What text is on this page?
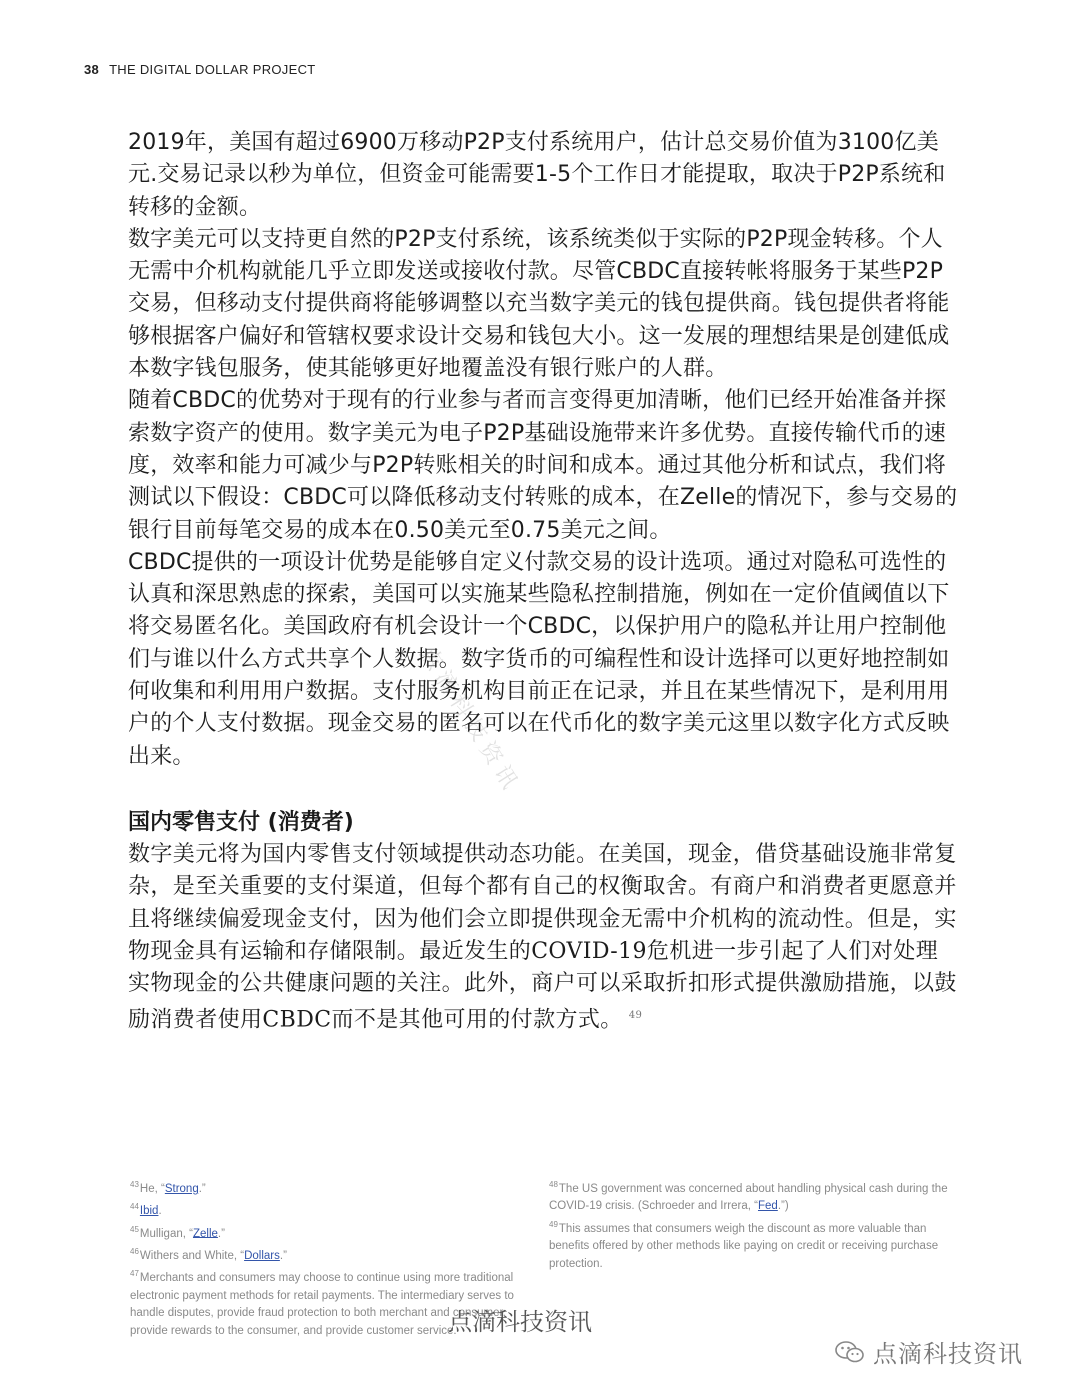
38 THE DIGITAL DOLLAR PROJECT
点滴科技资讯

2019年，美国有超过6900万移动P2P支付系统用户，估计总交易价值为3100亿美元.交易记录以秒为单位，但资金可能需要1-5个工作日才能提取，取决于P2P系统和转移的金额。

数字美元可以支持更自然的P2P支付系统，该系统类似于实际的P2P现金转移。个人无需中介机构就能几乎立即发送或接收付款。尽管CBDC直接转帐将服务于某些P2P交易，但移动支付提供商将能够调整以充当数字美元的钱包提供商。钱包提供者将能够根据客户偏好和管辖权要求设计交易和钱包大小。这一发展的理想结果是创建低成本数字钱包服务，使其能够更好地覆盖没有银行账户的人群。

随着CBDC的优势对于现有的行业参与者而言变得更加清晰，他们已经开始准备并探索数字资产的使用。数字美元为电子P2P基础设施带来许多优势。直接传输代币的速度，效率和能力可减少与P2P转账相关的时间和成本。通过其他分析和试点，我们将测试以下假设：CBDC可以降低移动支付转账的成本，在Zelle的情况下，参与交易的银行目前每笔交易的成本在0.50美元至0.75美元之间。

CBDC提供的一项设计优势是能够自定义付款交易的设计选项。通过对隐私可选性的认真和深思熟虑的探索，美国可以实施某些隐私控制措施，例如在一定价值阈值以下将交易匿名化。美国政府有机会设计一个CBDC，以保护用户的隐私并让用户控制他们与谁以什么方式共享个人数据。数字货币的可编程性和设计选择可以更好地控制如何收集和利用用户数据。支付服务机构目前正在记录，并且在某些情况下，是利用用户的个人支付数据。现金交易的匿名可以在代币化的数字美元这里以数字化方式反映出来。

国内零售支付 (消费者)

数字美元将为国内零售支付领域提供动态功能。在美国，现金，借贷基础设施非常复杂，是至关重要的支付渠道，但每个都有自己的权衡取舍。有商户和消费者更愿意并且将继续偏爱现金支付，因为他们会立即提供现金无需中介机构的流动性。但是，实物现金具有运输和存储限制。最近发生的COVID-19危机进一步引起了人们对处理实物现金的公共健康问题的关注。此外，商户可以采取折扣形式提供激励措施，以鼓励消费者使用CBDC而不是其他可用的付款方式。 $^{49}$

$^{43}$He, “Strong.”
$^{44}$Ibid.
$^{45}$Mulligan, “Zelle.”
$^{46}$Withers and White, “Dollars.”
$^{47}$Merchants and consumers may choose to continue using more traditional electronic payment methods for retail payments. The intermediary serves to handle disputes, provide fraud protection to both merchant and consumer, provide rewards to the consumer, and provide customer service.
$^{48}$The US government was concerned about handling physical cash during the COVID-19 crisis. (Schroeder and Irrera, “Fed.”)
$^{49}$This assumes that consumers weigh the discount as more valuable than benefits offered by other methods like paying on credit or receiving purchase protection.
点滴科技资讯
点滴科技资讯
